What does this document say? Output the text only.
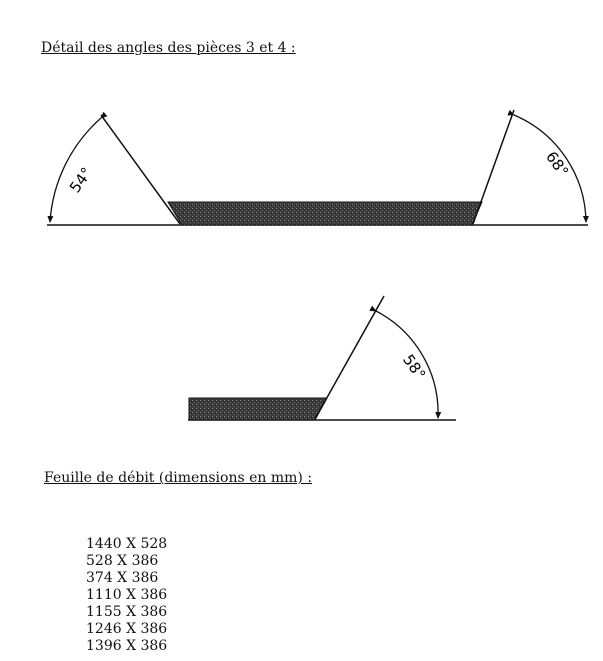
Détail des angles des pièces 3 et 4 :
54°	68°
58°
Feuille de débit (dimensions en mm) :
1440 X 528
528 X 386
374 X 386
1110 X 386
1155 X 386
1246 X 386
1396 X 386
